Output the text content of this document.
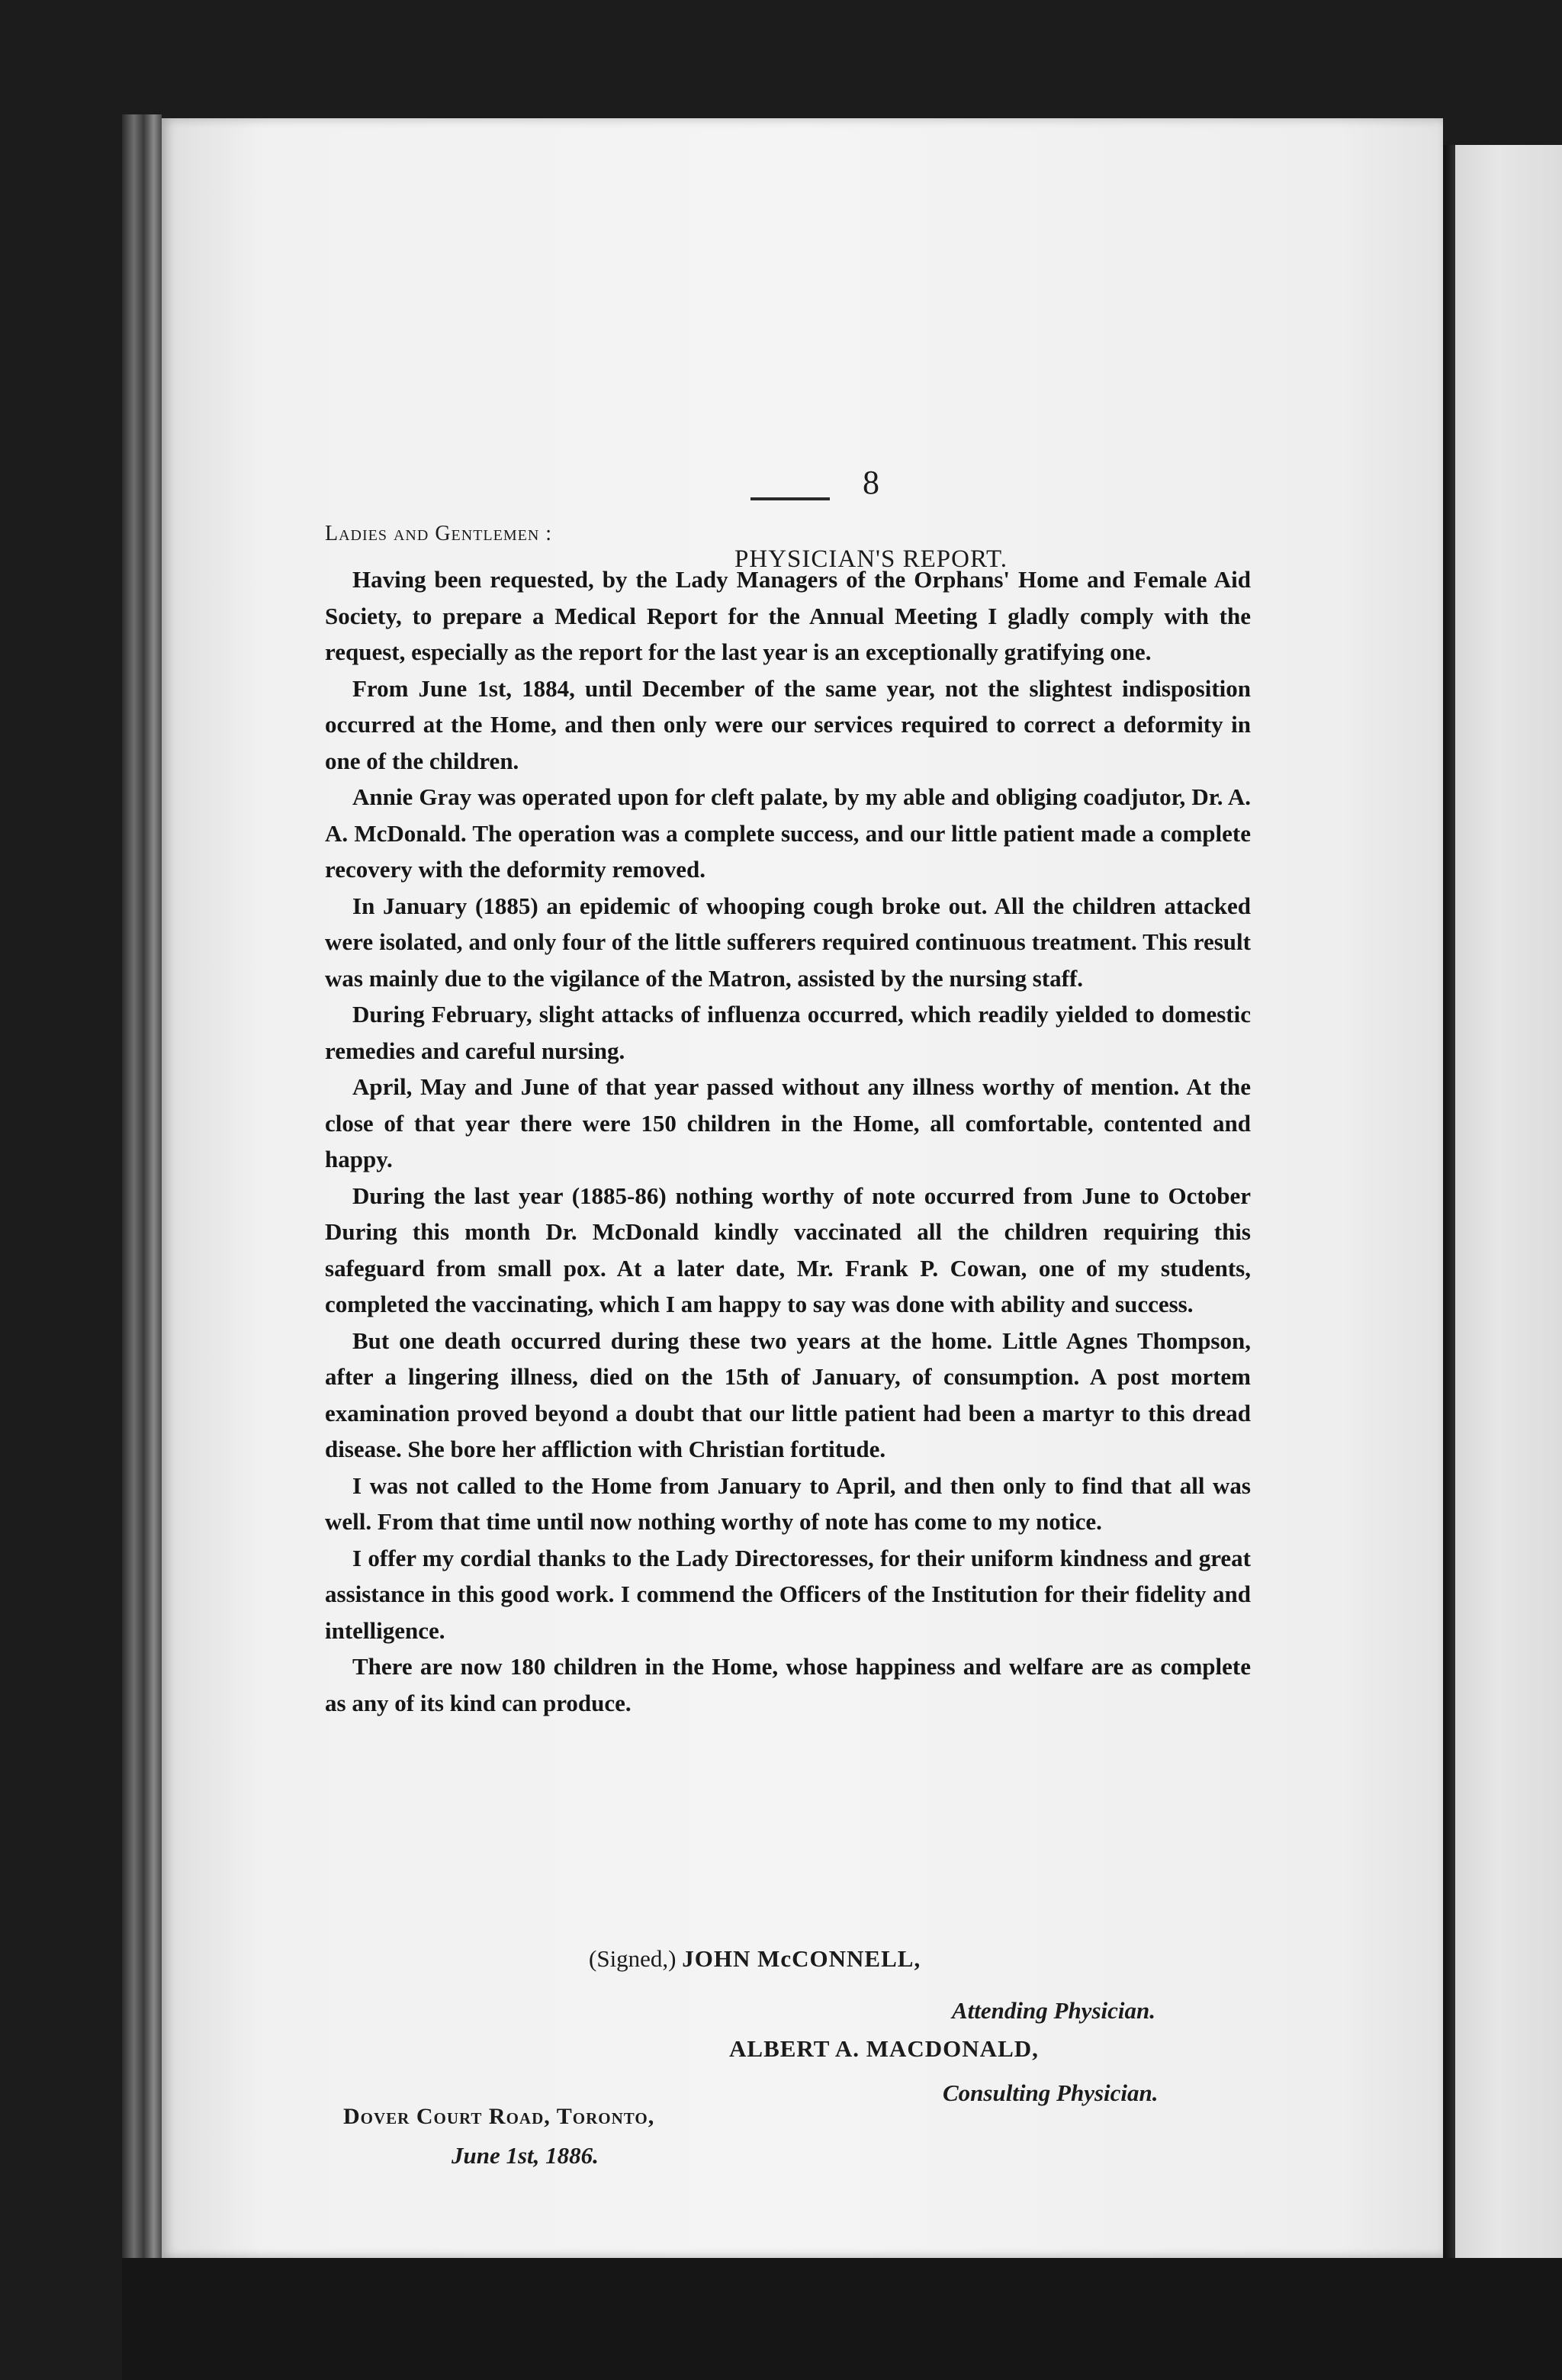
8
PHYSICIAN'S REPORT.
Ladies and Gentlemen :

Having been requested, by the Lady Managers of the Orphans' Home and Female Aid Society, to prepare a Medical Report for the Annual Meeting I gladly comply with the request, especially as the report for the last year is an exceptionally gratifying one.

From June 1st, 1884, until December of the same year, not the slightest indisposition occurred at the Home, and then only were our services required to correct a deformity in one of the children.

Annie Gray was operated upon for cleft palate, by my able and obliging coadjutor, Dr. A. A. McDonald. The operation was a complete success, and our little patient made a complete recovery with the deformity removed.

In January (1885) an epidemic of whooping cough broke out. All the children attacked were isolated, and only four of the little sufferers required continuous treatment. This result was mainly due to the vigilance of the Matron, assisted by the nursing staff.

During February, slight attacks of influenza occurred, which readily yielded to domestic remedies and careful nursing.

April, May and June of that year passed without any illness worthy of mention. At the close of that year there were 150 children in the Home, all comfortable, contented and happy.

During the last year (1885-86) nothing worthy of note occurred from June to October During this month Dr. McDonald kindly vaccinated all the children requiring this safeguard from small pox. At a later date, Mr. Frank P. Cowan, one of my students, completed the vaccinating, which I am happy to say was done with ability and success.

But one death occurred during these two years at the home. Little Agnes Thompson, after a lingering illness, died on the 15th of January, of consumption. A post mortem examination proved beyond a doubt that our little patient had been a martyr to this dread disease. She bore her affliction with Christian fortitude.

I was not called to the Home from January to April, and then only to find that all was well. From that time until now nothing worthy of note has come to my notice.

I offer my cordial thanks to the Lady Directoresses, for their uniform kindness and great assistance in this good work. I commend the Officers of the Institution for their fidelity and intelligence.

There are now 180 children in the Home, whose happiness and welfare are as complete as any of its kind can produce.

(Signed,) JOHN McCONNELL,
Attending Physician.
ALBERT A. MACDONALD,
Consulting Physician.
Dover Court Road, Toronto,
June 1st, 1886.
